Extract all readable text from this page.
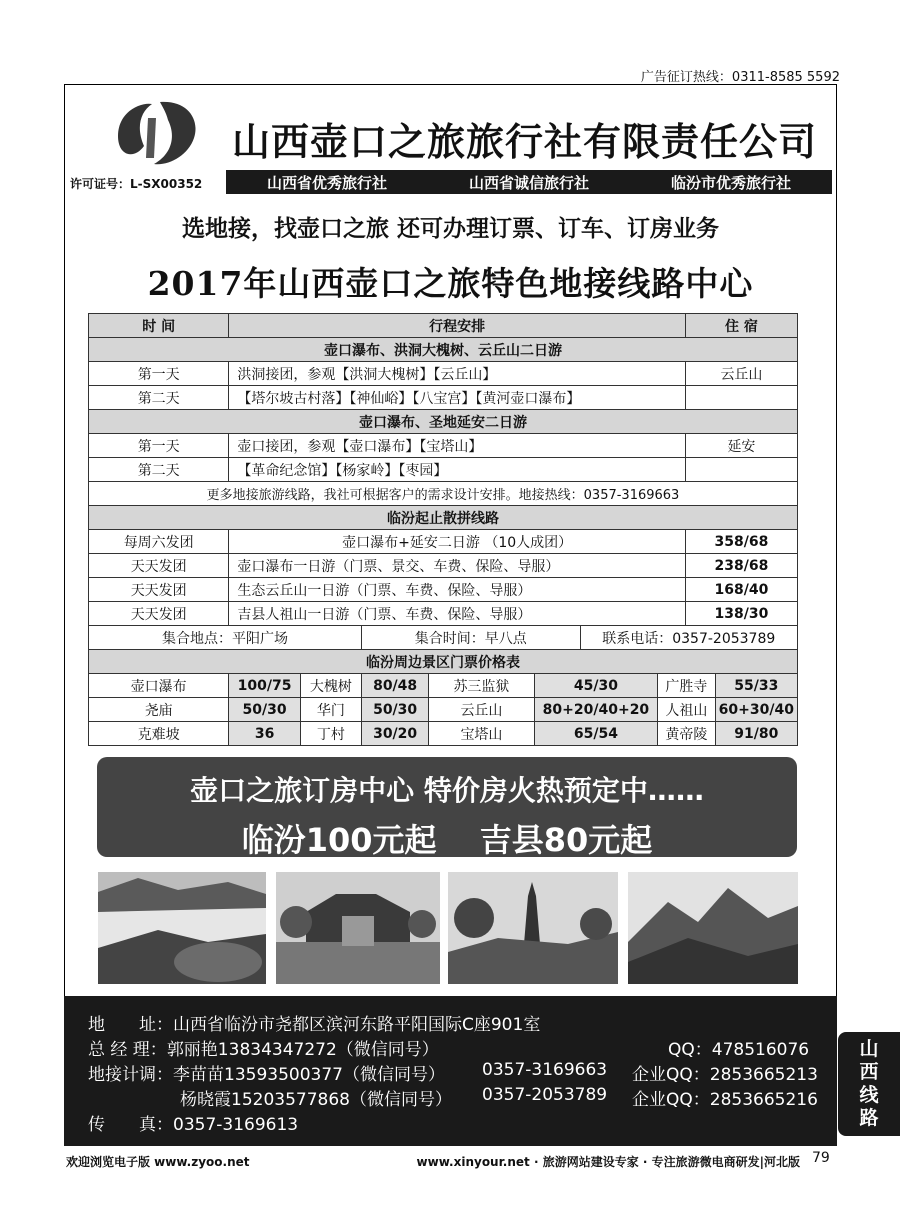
广告征订热线：0311-8585 5592
山西壶口之旅旅行社有限责任公司
许可证号：L-SX00352	山西省优秀旅行社	山西省诚信旅行社	临汾市优秀旅行社
选地接，找壶口之旅 还可办理订票、订车、订房业务
2017年山西壶口之旅特色地接线路中心
时 间	行程安排							住 宿	
壶口瀑布、洪洞大槐树、云丘山二日游									
第一天	洪洞接团，参观【洪洞大槐树】【云丘山】							云丘山	
第二天	【塔尔坡古村落】【神仙峪】【八宝宫】【黄河壶口瀑布】								
壶口瀑布、圣地延安二日游									
第一天	壶口接团，参观【壶口瀑布】【宝塔山】							延安	
第二天	【革命纪念馆】【杨家岭】【枣园】								
更多地接旅游线路，我社可根据客户的需求设计安排。地接热线：0357-3169663									
临汾起止散拼线路									
每周六发团	壶口瀑布+延安二日游 （10人成团）							358/68	
天天发团	壶口瀑布一日游（门票、景交、车费、保险、导服）							238/68	
天天发团	生态云丘山一日游（门票、车费、保险、导服）							168/40	
天天发团	吉县人祖山一日游（门票、车费、保险、导服）							138/30	
集合地点：平阳广场			集合时间：早八点			联系电话：0357-2053789			
临汾周边景区门票价格表									
壶口瀑布	100/75	大槐树	80/48	苏三监狱	45/30		广胜寺		55/33
尧庙	50/30	华门	50/30	云丘山	80+20/40+20		人祖山		60+30/40
克难坡	36	丁村	30/20	宝塔山	65/54		黄帝陵		91/80
壶口之旅订房中心 特价房火热预定中……
临汾100元起　 吉县80元起
地　　址：山西省临汾市尧都区滨河东路平阳国际C座901室
总 经 理：郭丽艳13834347272（微信同号）	QQ：478516076
地接计调：李苗苗13593500377（微信同号） 0357-3169663 企业QQ：2853665213
杨晓霞15203577868（微信同号） 0357-2053789 企业QQ：2853665216
传　　真：0357-3169613
山
西
线
路
欢迎浏览电子版 www.zyoo.net	www.xinyour.net · 旅游网站建设专家 · 专注旅游微电商研发|河北版 79
